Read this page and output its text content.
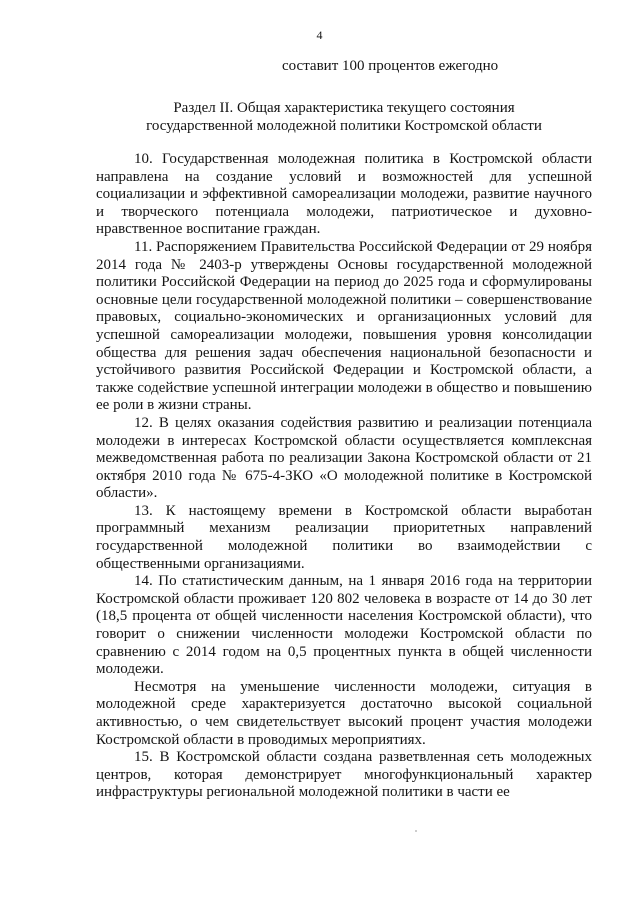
4
составит 100 процентов ежегодно
Раздел II. Общая характеристика текущего состояния
государственной молодежной политики Костромской области

10. Государственная молодежная политика в Костромской области направлена на создание условий и возможностей для успешной социализации и эффективной самореализации молодежи, развитие научного и творческого потенциала молодежи, патриотическое и духовно-нравственное воспитание граждан.

11. Распоряжением Правительства Российской Федерации от 29 ноября 2014 года № 2403-р утверждены Основы государственной молодежной политики Российской Федерации на период до 2025 года и сформулированы основные цели государственной молодежной политики – совершенствование правовых, социально-экономических и организационных условий для успешной самореализации молодежи, повышения уровня консолидации общества для решения задач обеспечения национальной безопасности и устойчивого развития Российской Федерации и Костромской области, а также содействие успешной интеграции молодежи в общество и повышению ее роли в жизни страны.

12. В целях оказания содействия развитию и реализации потенциала молодежи в интересах Костромской области осуществляется комплексная межведомственная работа по реализации Закона Костромской области от 21 октября 2010 года № 675-4-ЗКО «О молодежной политике в Костромской области».

13. К настоящему времени в Костромской области выработан программный механизм реализации приоритетных направлений государственной молодежной политики во взаимодействии с общественными организациями.

14. По статистическим данным, на 1 января 2016 года на территории Костромской области проживает 120 802 человека в возрасте от 14 до 30 лет (18,5 процента от общей численности населения Костромской области), что говорит о снижении численности молодежи Костромской области по сравнению с 2014 годом на 0,5 процентных пункта в общей численности молодежи.

Несмотря на уменьшение численности молодежи, ситуация в молодежной среде характеризуется достаточно высокой социальной активностью, о чем свидетельствует высокий процент участия молодежи Костромской области в проводимых мероприятиях.

15. В Костромской области создана разветвленная сеть молодежных центров, которая демонстрирует многофункциональный характер инфраструктуры региональной молодежной политики в части ее
